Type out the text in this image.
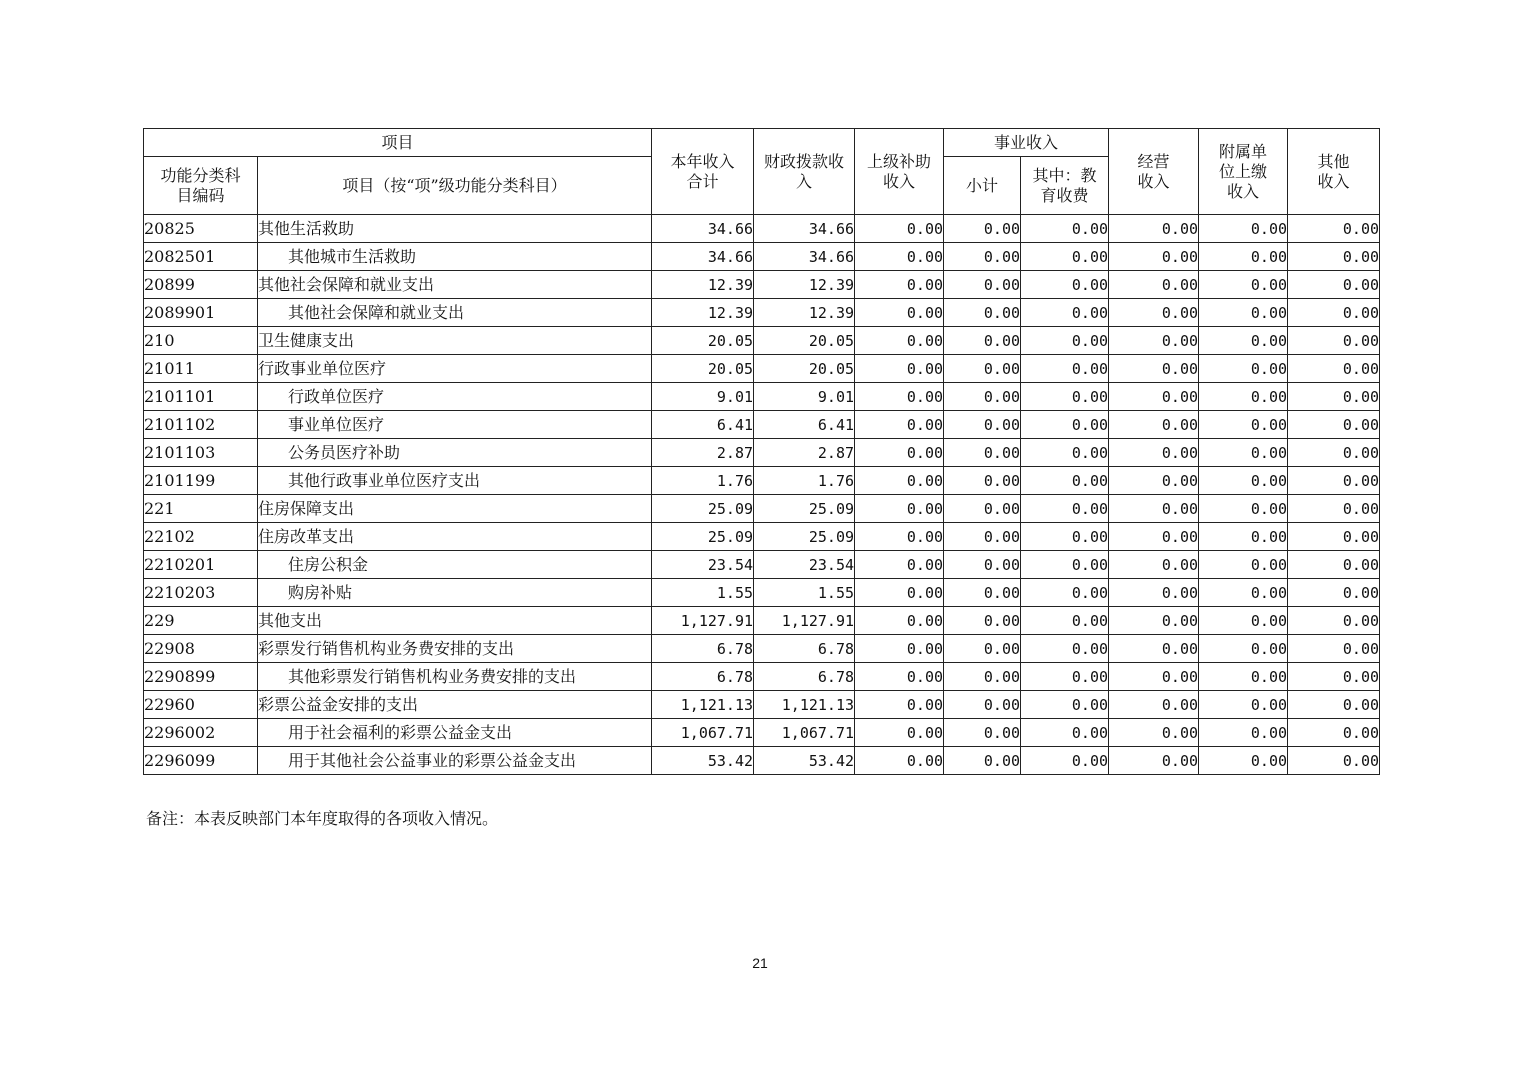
项目		本年收入合计	财政拨款收入	上级补助收入	事业收入		经营收入	附属单位上缴收入	其他收入
功能分类科目编码	项目（按“项”级功能分类科目）				小计	其中：教育收费			

20825	其他生活救助	34.66	34.66	0.00	0.00	0.00	0.00	0.00	0.00
2082501	其他城市生活救助	34.66	34.66	0.00	0.00	0.00	0.00	0.00	0.00
20899	其他社会保障和就业支出	12.39	12.39	0.00	0.00	0.00	0.00	0.00	0.00
2089901	其他社会保障和就业支出	12.39	12.39	0.00	0.00	0.00	0.00	0.00	0.00
210	卫生健康支出	20.05	20.05	0.00	0.00	0.00	0.00	0.00	0.00
21011	行政事业单位医疗	20.05	20.05	0.00	0.00	0.00	0.00	0.00	0.00
2101101	行政单位医疗	9.01	9.01	0.00	0.00	0.00	0.00	0.00	0.00
2101102	事业单位医疗	6.41	6.41	0.00	0.00	0.00	0.00	0.00	0.00
2101103	公务员医疗补助	2.87	2.87	0.00	0.00	0.00	0.00	0.00	0.00
2101199	其他行政事业单位医疗支出	1.76	1.76	0.00	0.00	0.00	0.00	0.00	0.00
221	住房保障支出	25.09	25.09	0.00	0.00	0.00	0.00	0.00	0.00
22102	住房改革支出	25.09	25.09	0.00	0.00	0.00	0.00	0.00	0.00
2210201	住房公积金	23.54	23.54	0.00	0.00	0.00	0.00	0.00	0.00
2210203	购房补贴	1.55	1.55	0.00	0.00	0.00	0.00	0.00	0.00
229	其他支出	1,127.91	1,127.91	0.00	0.00	0.00	0.00	0.00	0.00
22908	彩票发行销售机构业务费安排的支出	6.78	6.78	0.00	0.00	0.00	0.00	0.00	0.00
2290899	其他彩票发行销售机构业务费安排的支出	6.78	6.78	0.00	0.00	0.00	0.00	0.00	0.00
22960	彩票公益金安排的支出	1,121.13	1,121.13	0.00	0.00	0.00	0.00	0.00	0.00
2296002	用于社会福利的彩票公益金支出	1,067.71	1,067.71	0.00	0.00	0.00	0.00	0.00	0.00
2296099	用于其他社会公益事业的彩票公益金支出	53.42	53.42	0.00	0.00	0.00	0.00	0.00	0.00
备注：本表反映部门本年度取得的各项收入情况。
21
